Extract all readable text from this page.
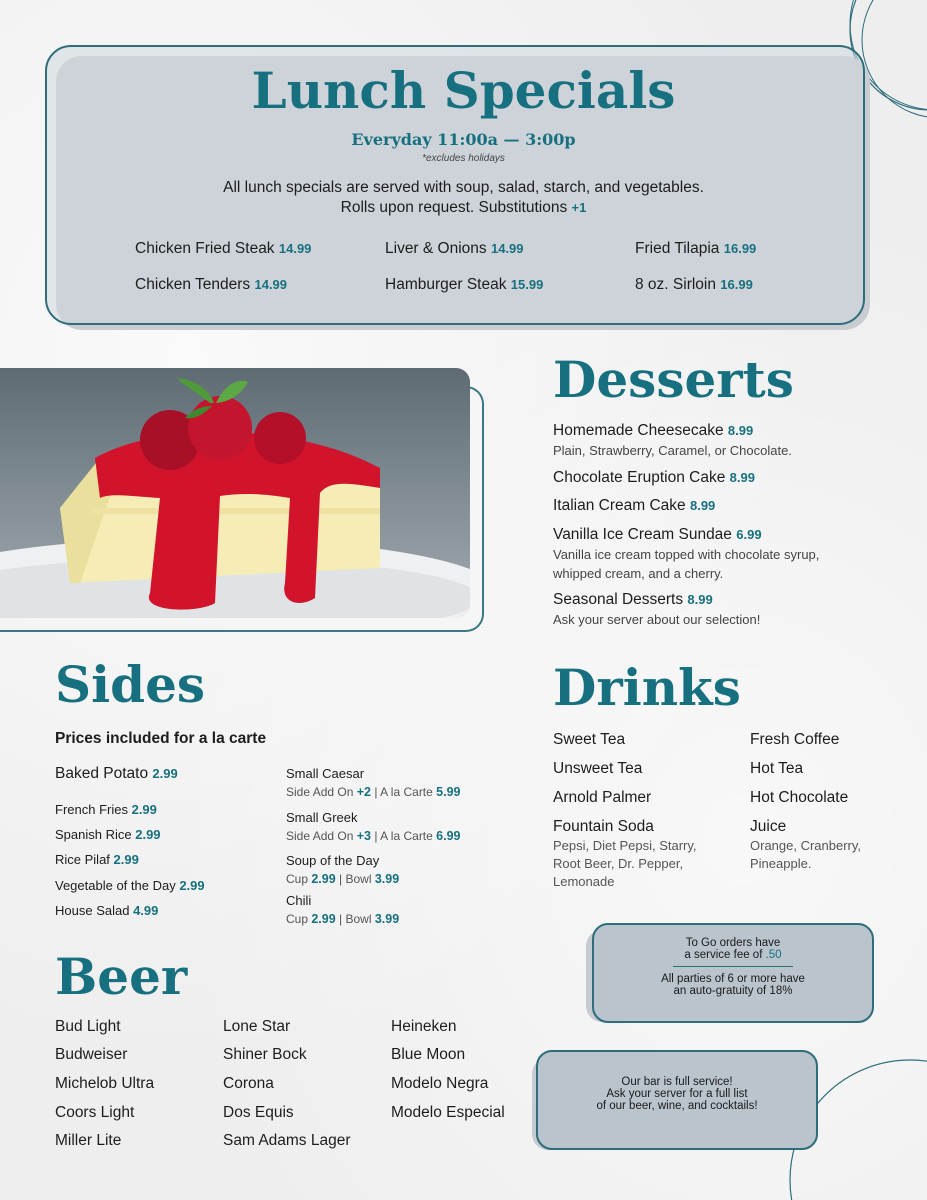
Lunch Specials
Everyday 11:00a — 3:00p
*excludes holidays
All lunch specials are served with soup, salad, starch, and vegetables.
Rolls upon request. Substitutions +1
Chicken Fried Steak 14.99	Liver & Onions 14.99	Fried Tilapia 16.99
Chicken Tenders 14.99	Hamburger Steak 15.99	8 oz. Sirloin 16.99
Desserts
Homemade Cheesecake 8.99
Plain, Strawberry, Caramel, or Chocolate.
Chocolate Eruption Cake 8.99
Italian Cream Cake 8.99
Vanilla Ice Cream Sundae 6.99
Vanilla ice cream topped with chocolate syrup,
whipped cream, and a cherry.
Seasonal Desserts 8.99
Ask your server about our selection!
Sides
Prices included for a la carte
Baked Potato 2.99
French Fries 2.99
Spanish Rice 2.99
Rice Pilaf 2.99
Vegetable of the Day 2.99
House Salad 4.99
Small Caesar
Side Add On +2 | A la Carte 5.99
Small Greek
Side Add On +3 | A la Carte 6.99
Soup of the Day
Cup 2.99 | Bowl 3.99
Chili
Cup 2.99 | Bowl 3.99
Drinks
Sweet Tea
Unsweet Tea
Arnold Palmer
Fountain Soda
Pepsi, Diet Pepsi, Starry,
Root Beer, Dr. Pepper,
Lemonade
Fresh Coffee
Hot Tea
Hot Chocolate
Juice
Orange, Cranberry,
Pineapple.
Beer
Bud Light
Budweiser
Michelob Ultra
Coors Light
Miller Lite
Lone Star
Shiner Bock
Corona
Dos Equis
Sam Adams Lager
Heineken
Blue Moon
Modelo Negra
Modelo Especial
To Go orders have
a service fee of .50
All parties of 6 or more have
an auto-gratuity of 18%
Our bar is full service!
Ask your server for a full list
of our beer, wine, and cocktails!
